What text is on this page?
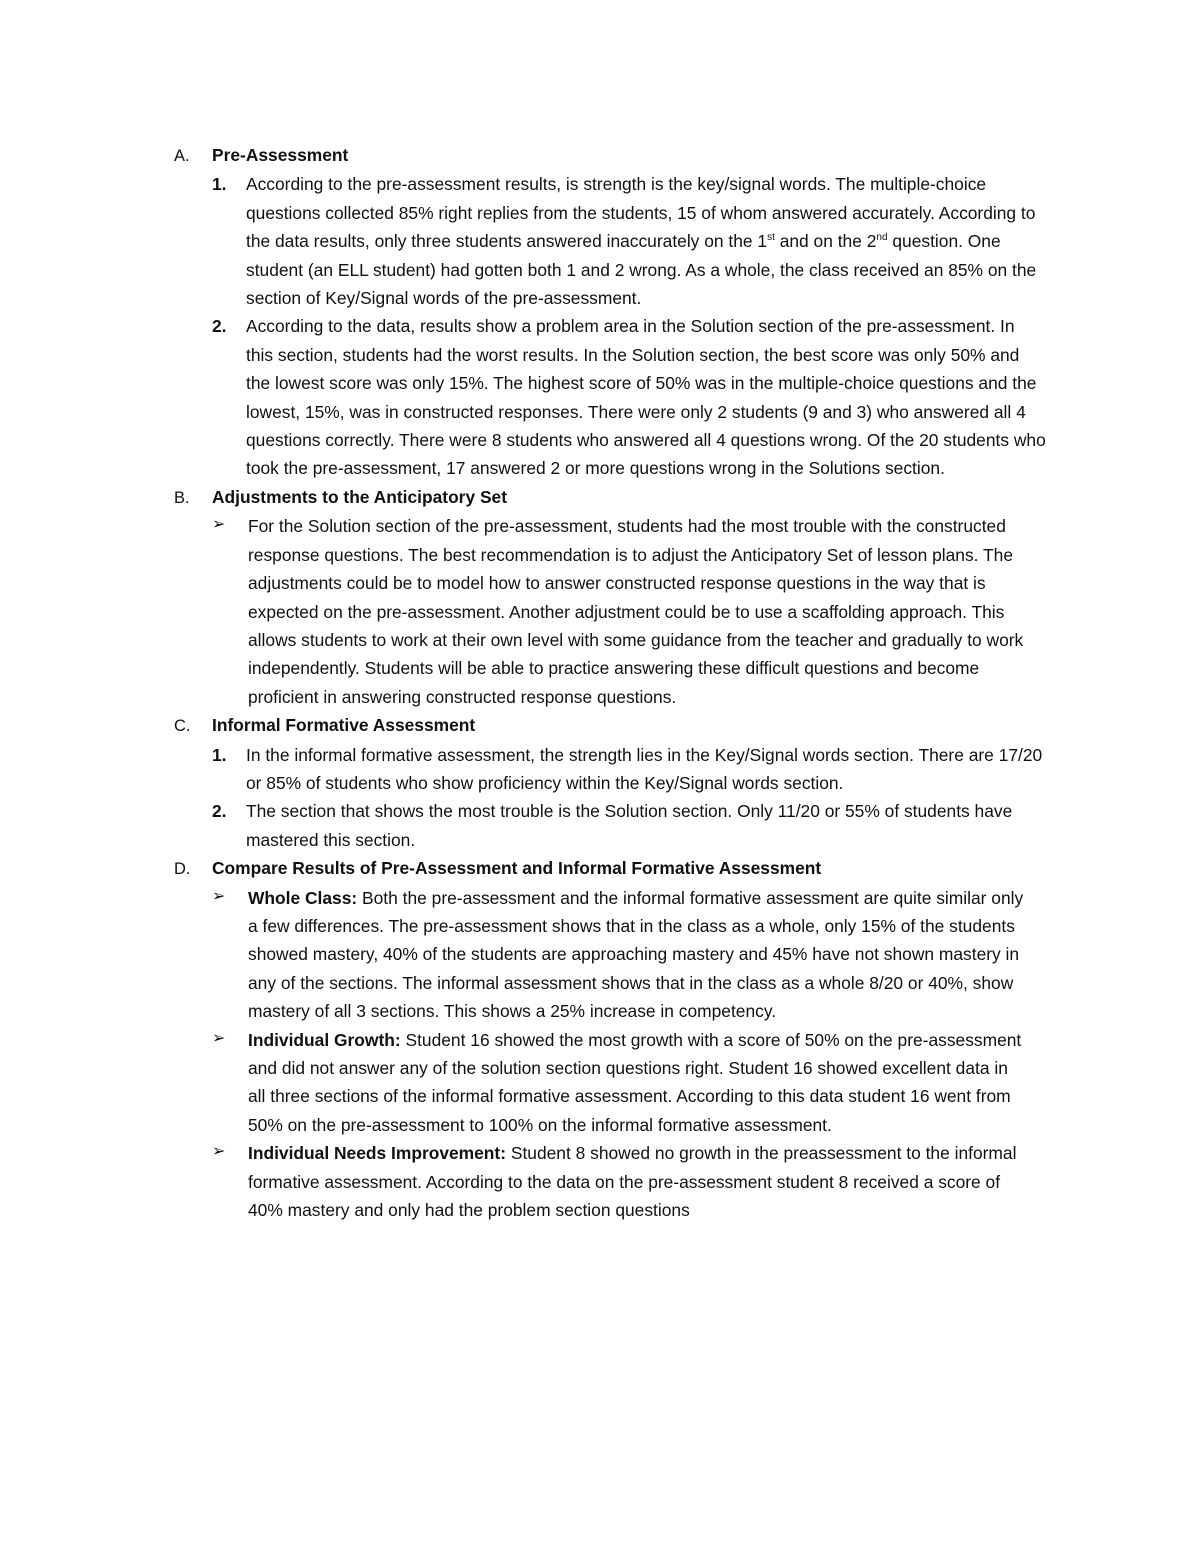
A.	Pre-Assessment
1.	According to the pre-assessment results, is strength is the key/signal words. The multiple-choice questions collected 85% right replies from the students, 15 of whom answered accurately. According to the data results, only three students answered inaccurately on the 1st and on the 2nd question. One student (an ELL student) had gotten both 1 and 2 wrong. As a whole, the class received an 85% on the section of Key/Signal words of the pre-assessment.
2.	According to the data, results show a problem area in the Solution section of the pre-assessment. In this section, students had the worst results. In the Solution section, the best score was only 50% and the lowest score was only 15%. The highest score of 50% was in the multiple-choice questions and the lowest, 15%, was in constructed responses. There were only 2 students (9 and 3) who answered all 4 questions correctly. There were 8 students who answered all 4 questions wrong. Of the 20 students who took the pre-assessment, 17 answered 2 or more questions wrong in the Solutions section.
B.	Adjustments to the Anticipatory Set
➢	For the Solution section of the pre-assessment, students had the most trouble with the constructed response questions. The best recommendation is to adjust the Anticipatory Set of lesson plans. The adjustments could be to model how to answer constructed response questions in the way that is expected on the pre-assessment. Another adjustment could be to use a scaffolding approach. This allows students to work at their own level with some guidance from the teacher and gradually to work independently. Students will be able to practice answering these difficult questions and become proficient in answering constructed response questions.
C.	Informal Formative Assessment
1.	In the informal formative assessment, the strength lies in the Key/Signal words section. There are 17/20 or 85% of students who show proficiency within the Key/Signal words section.
2.	The section that shows the most trouble is the Solution section. Only 11/20 or 55% of students have mastered this section.
D.	Compare Results of Pre-Assessment and Informal Formative Assessment
➢	Whole Class: Both the pre-assessment and the informal formative assessment are quite similar only a few differences. The pre-assessment shows that in the class as a whole, only 15% of the students showed mastery, 40% of the students are approaching mastery and 45% have not shown mastery in any of the sections. The informal assessment shows that in the class as a whole 8/20 or 40%, show mastery of all 3 sections. This shows a 25% increase in competency.
➢	Individual Growth: Student 16 showed the most growth with a score of 50% on the pre-assessment and did not answer any of the solution section questions right. Student 16 showed excellent data in all three sections of the informal formative assessment. According to this data student 16 went from 50% on the pre-assessment to 100% on the informal formative assessment.
➢	Individual Needs Improvement: Student 8 showed no growth in the preassessment to the informal formative assessment. According to the data on the pre-assessment student 8 received a score of 40% mastery and only had the problem section questions
